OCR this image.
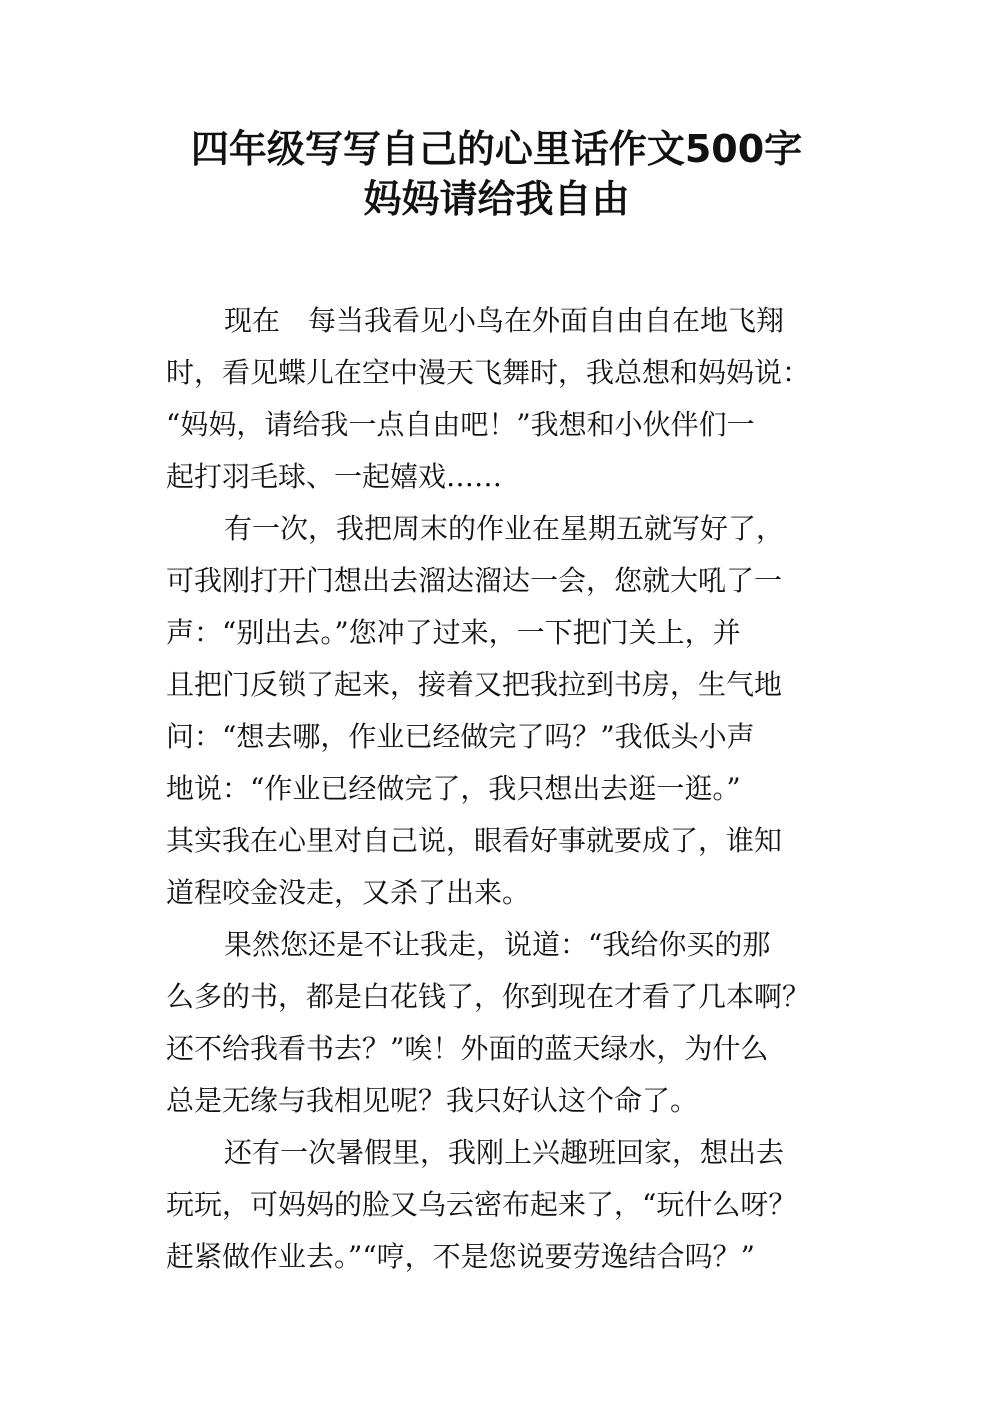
四年级写写自己的心里话作文500字
妈妈请给我自由
现在　每当我看见小鸟在外面自由自在地飞翔
时，看见蝶儿在空中漫天飞舞时，我总想和妈妈说：
“妈妈，请给我一点自由吧！”我想和小伙伴们一
起打羽毛球、一起嬉戏……
有一次，我把周末的作业在星期五就写好了，
可我刚打开门想出去溜达溜达一会，您就大吼了一
声：“别出去。”您冲了过来，一下把门关上，并
且把门反锁了起来，接着又把我拉到书房，生气地
问：“想去哪，作业已经做完了吗？”我低头小声
地说：“作业已经做完了，我只想出去逛一逛。”
其实我在心里对自己说，眼看好事就要成了，谁知
道程咬金没走，又杀了出来。
果然您还是不让我走，说道：“我给你买的那
么多的书，都是白花钱了，你到现在才看了几本啊？
还不给我看书去？”唉！外面的蓝天绿水，为什么
总是无缘与我相见呢？我只好认这个命了。
还有一次暑假里，我刚上兴趣班回家，想出去
玩玩，可妈妈的脸又乌云密布起来了，“玩什么呀？
赶紧做作业去。”“哼，不是您说要劳逸结合吗？”
